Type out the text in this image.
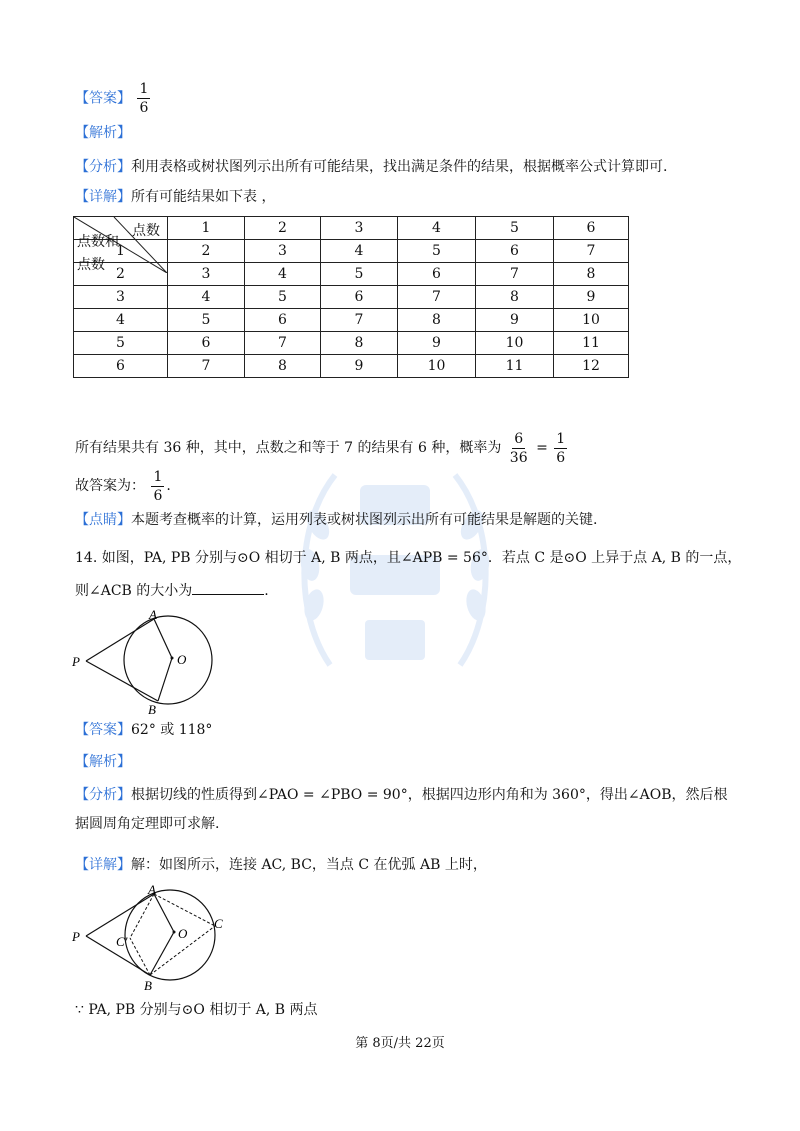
【答案】 $\frac{1}{6}$
【解析】
【分析】利用表格或树状图列示出所有可能结果，找出满足条件的结果，根据概率公式计算即可.
【详解】所有可能结果如下表 ，
点数
点数和
点数	1	2	3	4	5	6
1	2	3	4	5	6	7
2	3	4	5	6	7	8
3	4	5	6	7	8	9
4	5	6	7	8	9	10
5	6	7	8	9	10	11
6	7	8	9	10	11	12
所有结果共有 36 种，其中，点数之和等于 7 的结果有 6 种，概率为 $\frac{6}{36} = \frac{1}{6}$
故答案为： $\frac{1}{6}$ .
【点睛】本题考查概率的计算，运用列表或树状图列示出所有可能结果是解题的关键.
14. 如图，PA, PB 分别与⊙O 相切于 A, B 两点，且∠APB = 56°．若点 C 是⊙O 上异于点 A, B 的一点，
则∠ACB 的大小为	.
A
B
P	O
【答案】62° 或 118°
【解析】
【分析】根据切线的性质得到∠PAO = ∠PBO = 90°，根据四边形内角和为 360°，得出∠AOB，然后根
据圆周角定理即可求解.
【详解】解：如图所示，连接 AC, BC，当点 C 在优弧 AB 上时，
A
B
P	O
C
C′
∵ PA, PB 分别与⊙O 相切于 A, B 两点
第 8页/共 22页
